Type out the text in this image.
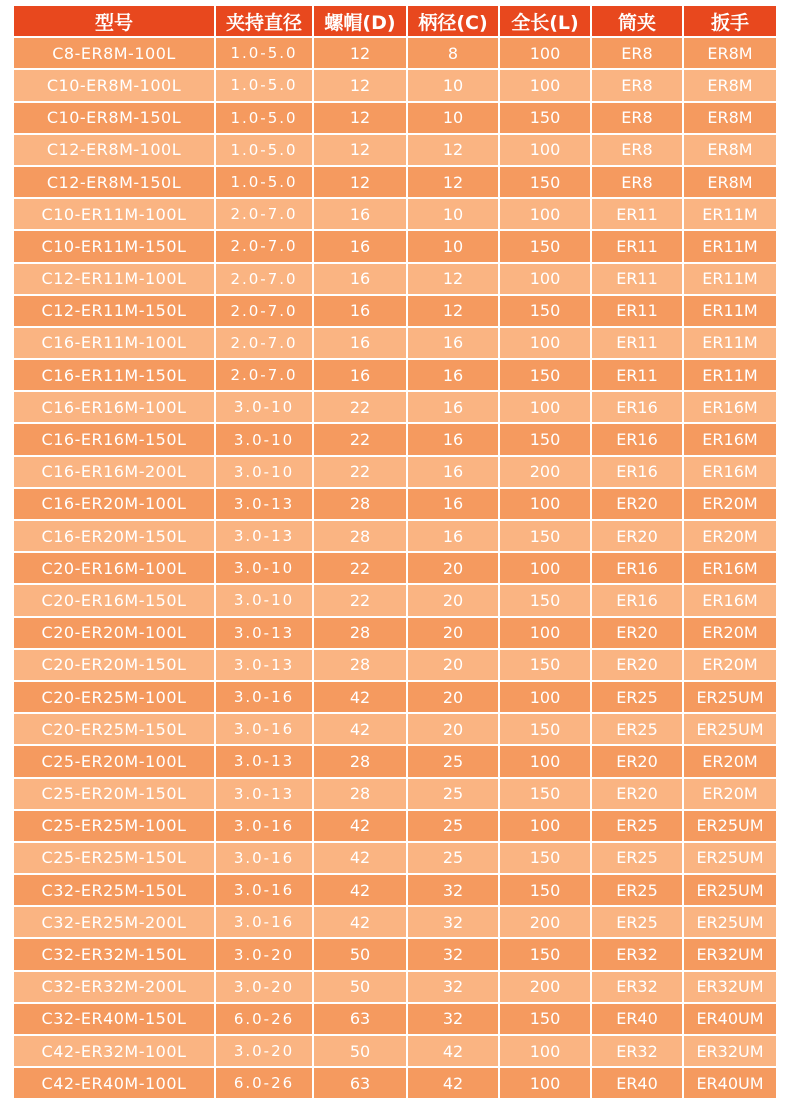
型号	夹持直径	螺帽(D)	柄径(C)	全长(L)	筒夹	扳手
C8-ER8M-100L	1.0-5.0	12	8	100	ER8	ER8M
C10-ER8M-100L	1.0-5.0	12	10	100	ER8	ER8M
C10-ER8M-150L	1.0-5.0	12	10	150	ER8	ER8M
C12-ER8M-100L	1.0-5.0	12	12	100	ER8	ER8M
C12-ER8M-150L	1.0-5.0	12	12	150	ER8	ER8M
C10-ER11M-100L	2.0-7.0	16	10	100	ER11	ER11M
C10-ER11M-150L	2.0-7.0	16	10	150	ER11	ER11M
C12-ER11M-100L	2.0-7.0	16	12	100	ER11	ER11M
C12-ER11M-150L	2.0-7.0	16	12	150	ER11	ER11M
C16-ER11M-100L	2.0-7.0	16	16	100	ER11	ER11M
C16-ER11M-150L	2.0-7.0	16	16	150	ER11	ER11M
C16-ER16M-100L	3.0-10	22	16	100	ER16	ER16M
C16-ER16M-150L	3.0-10	22	16	150	ER16	ER16M
C16-ER16M-200L	3.0-10	22	16	200	ER16	ER16M
C16-ER20M-100L	3.0-13	28	16	100	ER20	ER20M
C16-ER20M-150L	3.0-13	28	16	150	ER20	ER20M
C20-ER16M-100L	3.0-10	22	20	100	ER16	ER16M
C20-ER16M-150L	3.0-10	22	20	150	ER16	ER16M
C20-ER20M-100L	3.0-13	28	20	100	ER20	ER20M
C20-ER20M-150L	3.0-13	28	20	150	ER20	ER20M
C20-ER25M-100L	3.0-16	42	20	100	ER25	ER25UM
C20-ER25M-150L	3.0-16	42	20	150	ER25	ER25UM
C25-ER20M-100L	3.0-13	28	25	100	ER20	ER20M
C25-ER20M-150L	3.0-13	28	25	150	ER20	ER20M
C25-ER25M-100L	3.0-16	42	25	100	ER25	ER25UM
C25-ER25M-150L	3.0-16	42	25	150	ER25	ER25UM
C32-ER25M-150L	3.0-16	42	32	150	ER25	ER25UM
C32-ER25M-200L	3.0-16	42	32	200	ER25	ER25UM
C32-ER32M-150L	3.0-20	50	32	150	ER32	ER32UM
C32-ER32M-200L	3.0-20	50	32	200	ER32	ER32UM
C32-ER40M-150L	6.0-26	63	32	150	ER40	ER40UM
C42-ER32M-100L	3.0-20	50	42	100	ER32	ER32UM
C42-ER40M-100L	6.0-26	63	42	100	ER40	ER40UM
